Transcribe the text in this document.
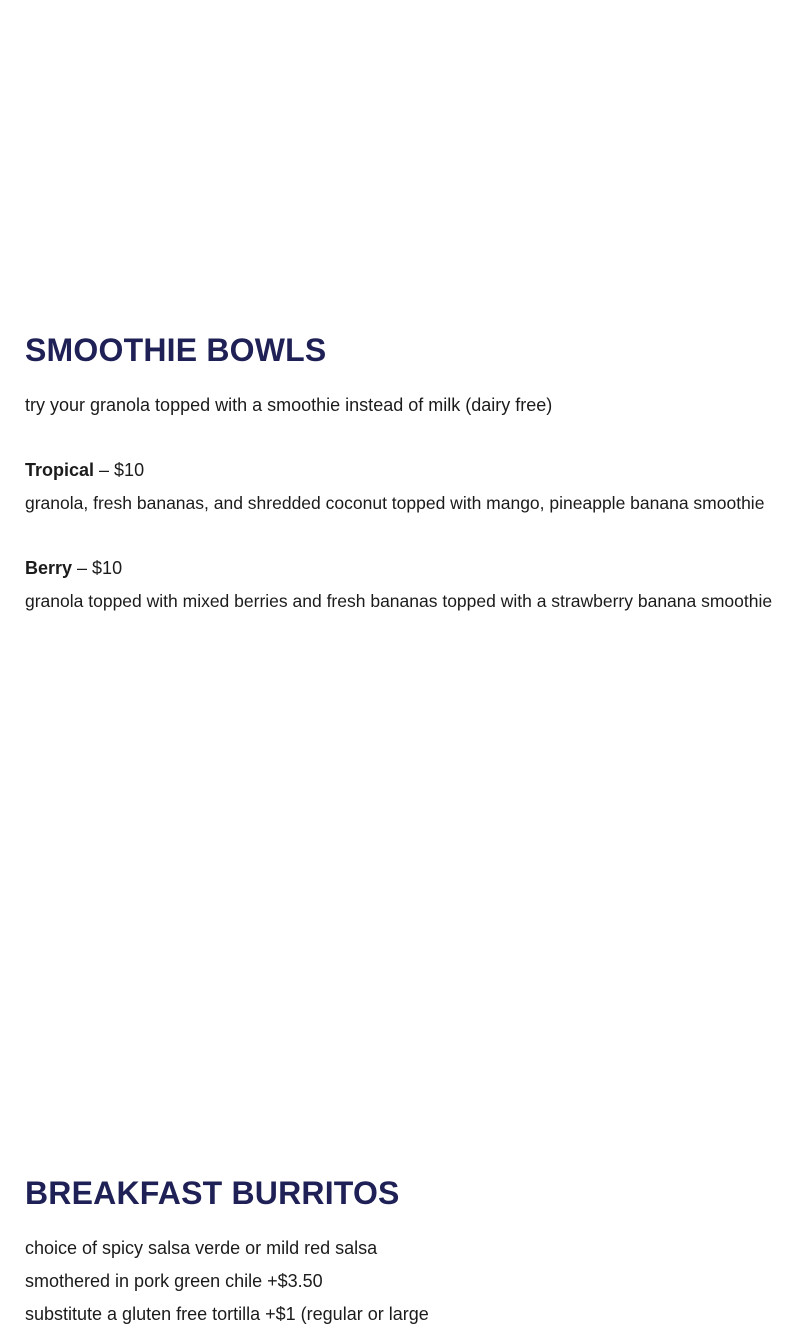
SMOOTHIE BOWLS

try your granola topped with a smoothie instead of milk (dairy free)

Tropical – $10

granola, fresh bananas, and shredded coconut topped with mango, pineapple banana smoothie

Berry – $10

granola topped with mixed berries and fresh bananas topped with a strawberry banana smoothie

BREAKFAST BURRITOS

choice of spicy salsa verde or mild red salsa

smothered in pork green chile +$3.50

substitute a gluten free tortilla +$1 (regular or large
